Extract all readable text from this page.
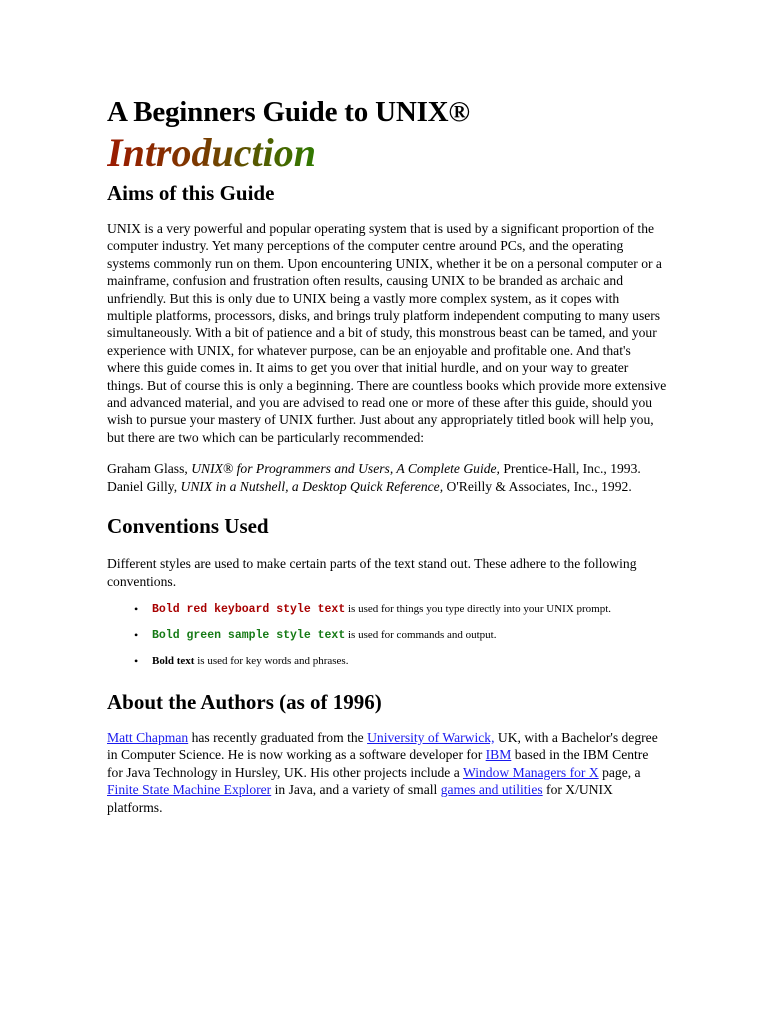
A Beginners Guide to UNIX®
Introduction
Aims of this Guide

UNIX is a very powerful and popular operating system that is used by a significant proportion of the computer industry. Yet many perceptions of the computer centre around PCs, and the operating systems commonly run on them. Upon encountering UNIX, whether it be on a personal computer or a mainframe, confusion and frustration often results, causing UNIX to be branded as archaic and unfriendly. But this is only due to UNIX being a vastly more complex system, as it copes with multiple platforms, processors, disks, and brings truly platform independent computing to many users simultaneously. With a bit of patience and a bit of study, this monstrous beast can be tamed, and your experience with UNIX, for whatever purpose, can be an enjoyable and profitable one. And that's where this guide comes in. It aims to get you over that initial hurdle, and on your way to greater things. But of course this is only a beginning. There are countless books which provide more extensive and advanced material, and you are advised to read one or more of these after this guide, should you wish to pursue your mastery of UNIX further. Just about any appropriately titled book will help you, but there are two which can be particularly recommended:

Graham Glass, UNIX® for Programmers and Users, A Complete Guide, Prentice-Hall, Inc., 1993.
Daniel Gilly, UNIX in a Nutshell, a Desktop Quick Reference, O'Reilly & Associates, Inc., 1992.

Conventions Used

Different styles are used to make certain parts of the text stand out. These adhere to the following conventions.

• Bold red keyboard style text is used for things you type directly into your UNIX prompt.
• Bold green sample style text is used for commands and output.
• Bold text is used for key words and phrases.
About the Authors (as of 1996)

Matt Chapman has recently graduated from the University of Warwick, UK, with a Bachelor's degree in Computer Science. He is now working as a software developer for IBM based in the IBM Centre for Java Technology in Hursley, UK. His other projects include a Window Managers for X page, a Finite State Machine Explorer in Java, and a variety of small games and utilities for X/UNIX platforms.
